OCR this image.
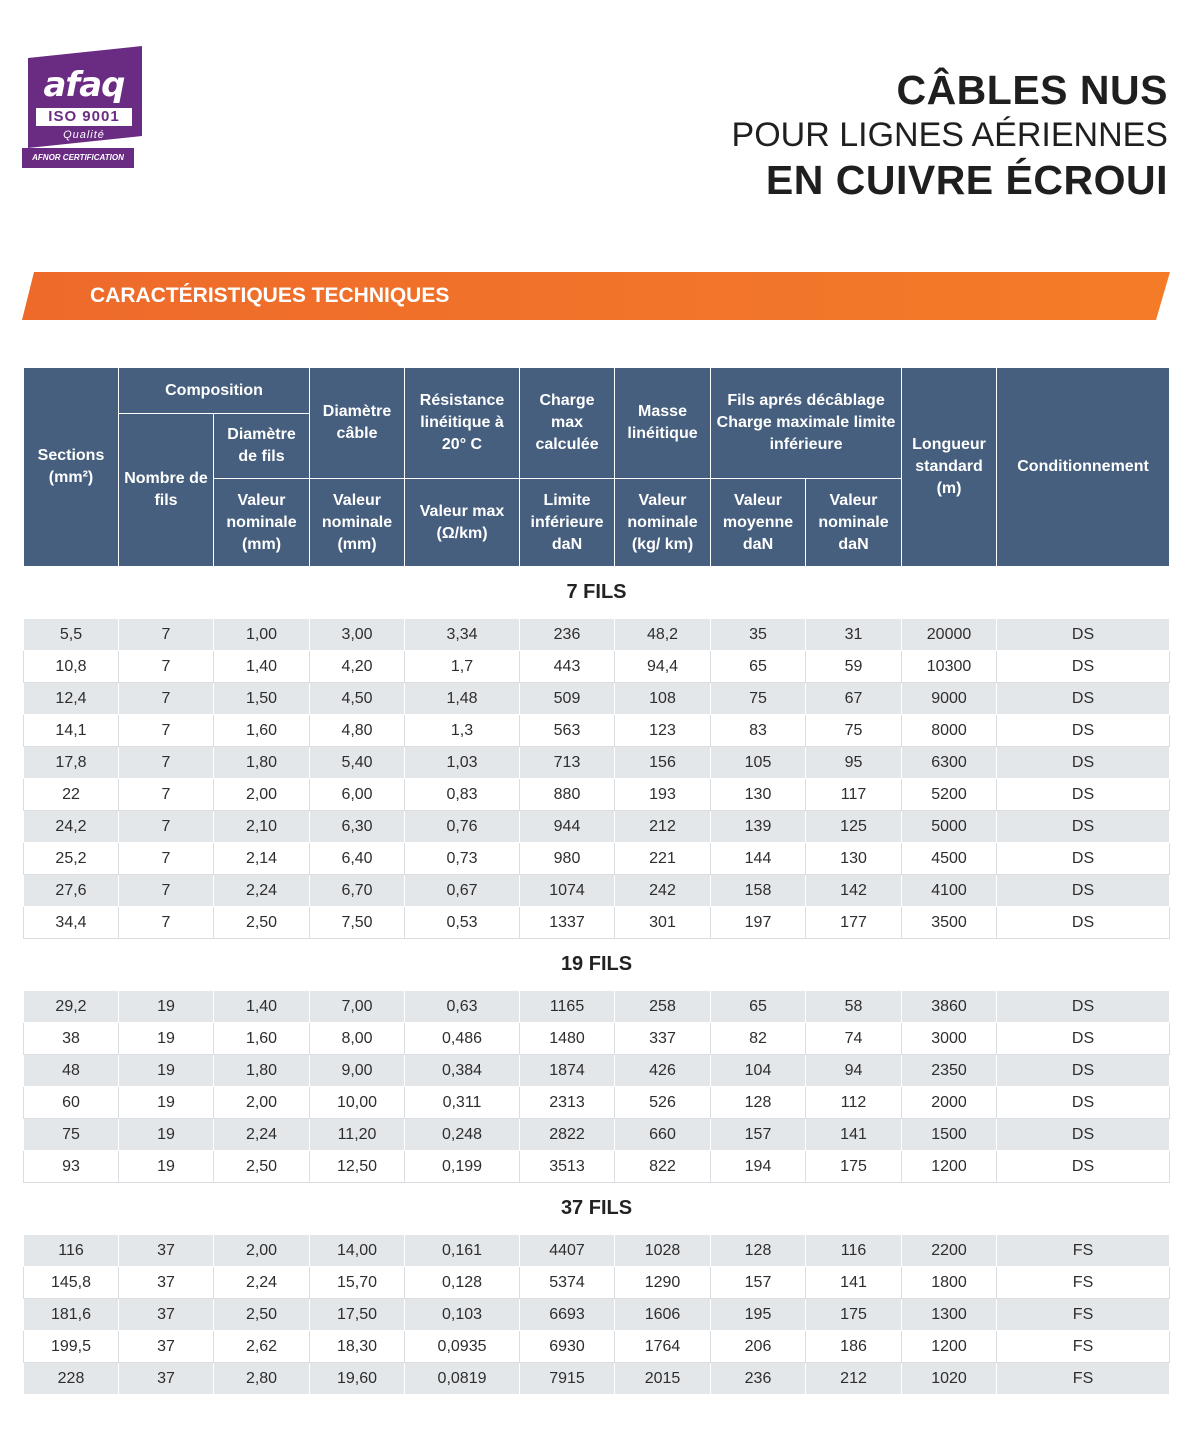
afaq
ISO 9001
Qualité
AFNOR CERTIFICATION
CÂBLES NUS
POUR LIGNES AÉRIENNES
EN CUIVRE ÉCROUI
CARACTÉRISTIQUES TECHNIQUES
Sections (mm²)	Composition		Diamètre câble	Résistance linéitique à 20° C	Charge max calculée	Masse linéitique	Fils aprés décâblage Charge maximale limite inférieure		Longueur standard (m)	Conditionnement
	Nombre de fils	Diamètre de fils								
		Valeur nominale (mm)	Valeur nominale (mm)	Valeur max (Ω/km)	Limite inférieure daN	Valeur nominale (kg/ km)	Valeur moyenne daN	Valeur nominale daN		
7 FILS										
5,5	7	1,00	3,00	3,34	236	48,2	35	31	20000	DS
10,8	7	1,40	4,20	1,7	443	94,4	65	59	10300	DS
12,4	7	1,50	4,50	1,48	509	108	75	67	9000	DS
14,1	7	1,60	4,80	1,3	563	123	83	75	8000	DS
17,8	7	1,80	5,40	1,03	713	156	105	95	6300	DS
22	7	2,00	6,00	0,83	880	193	130	117	5200	DS
24,2	7	2,10	6,30	0,76	944	212	139	125	5000	DS
25,2	7	2,14	6,40	0,73	980	221	144	130	4500	DS
27,6	7	2,24	6,70	0,67	1074	242	158	142	4100	DS
34,4	7	2,50	7,50	0,53	1337	301	197	177	3500	DS
19 FILS										
29,2	19	1,40	7,00	0,63	1165	258	65	58	3860	DS
38	19	1,60	8,00	0,486	1480	337	82	74	3000	DS
48	19	1,80	9,00	0,384	1874	426	104	94	2350	DS
60	19	2,00	10,00	0,311	2313	526	128	112	2000	DS
75	19	2,24	11,20	0,248	2822	660	157	141	1500	DS
93	19	2,50	12,50	0,199	3513	822	194	175	1200	DS
37 FILS										
116	37	2,00	14,00	0,161	4407	1028	128	116	2200	FS
145,8	37	2,24	15,70	0,128	5374	1290	157	141	1800	FS
181,6	37	2,50	17,50	0,103	6693	1606	195	175	1300	FS
199,5	37	2,62	18,30	0,0935	6930	1764	206	186	1200	FS
228	37	2,80	19,60	0,0819	7915	2015	236	212	1020	FS
